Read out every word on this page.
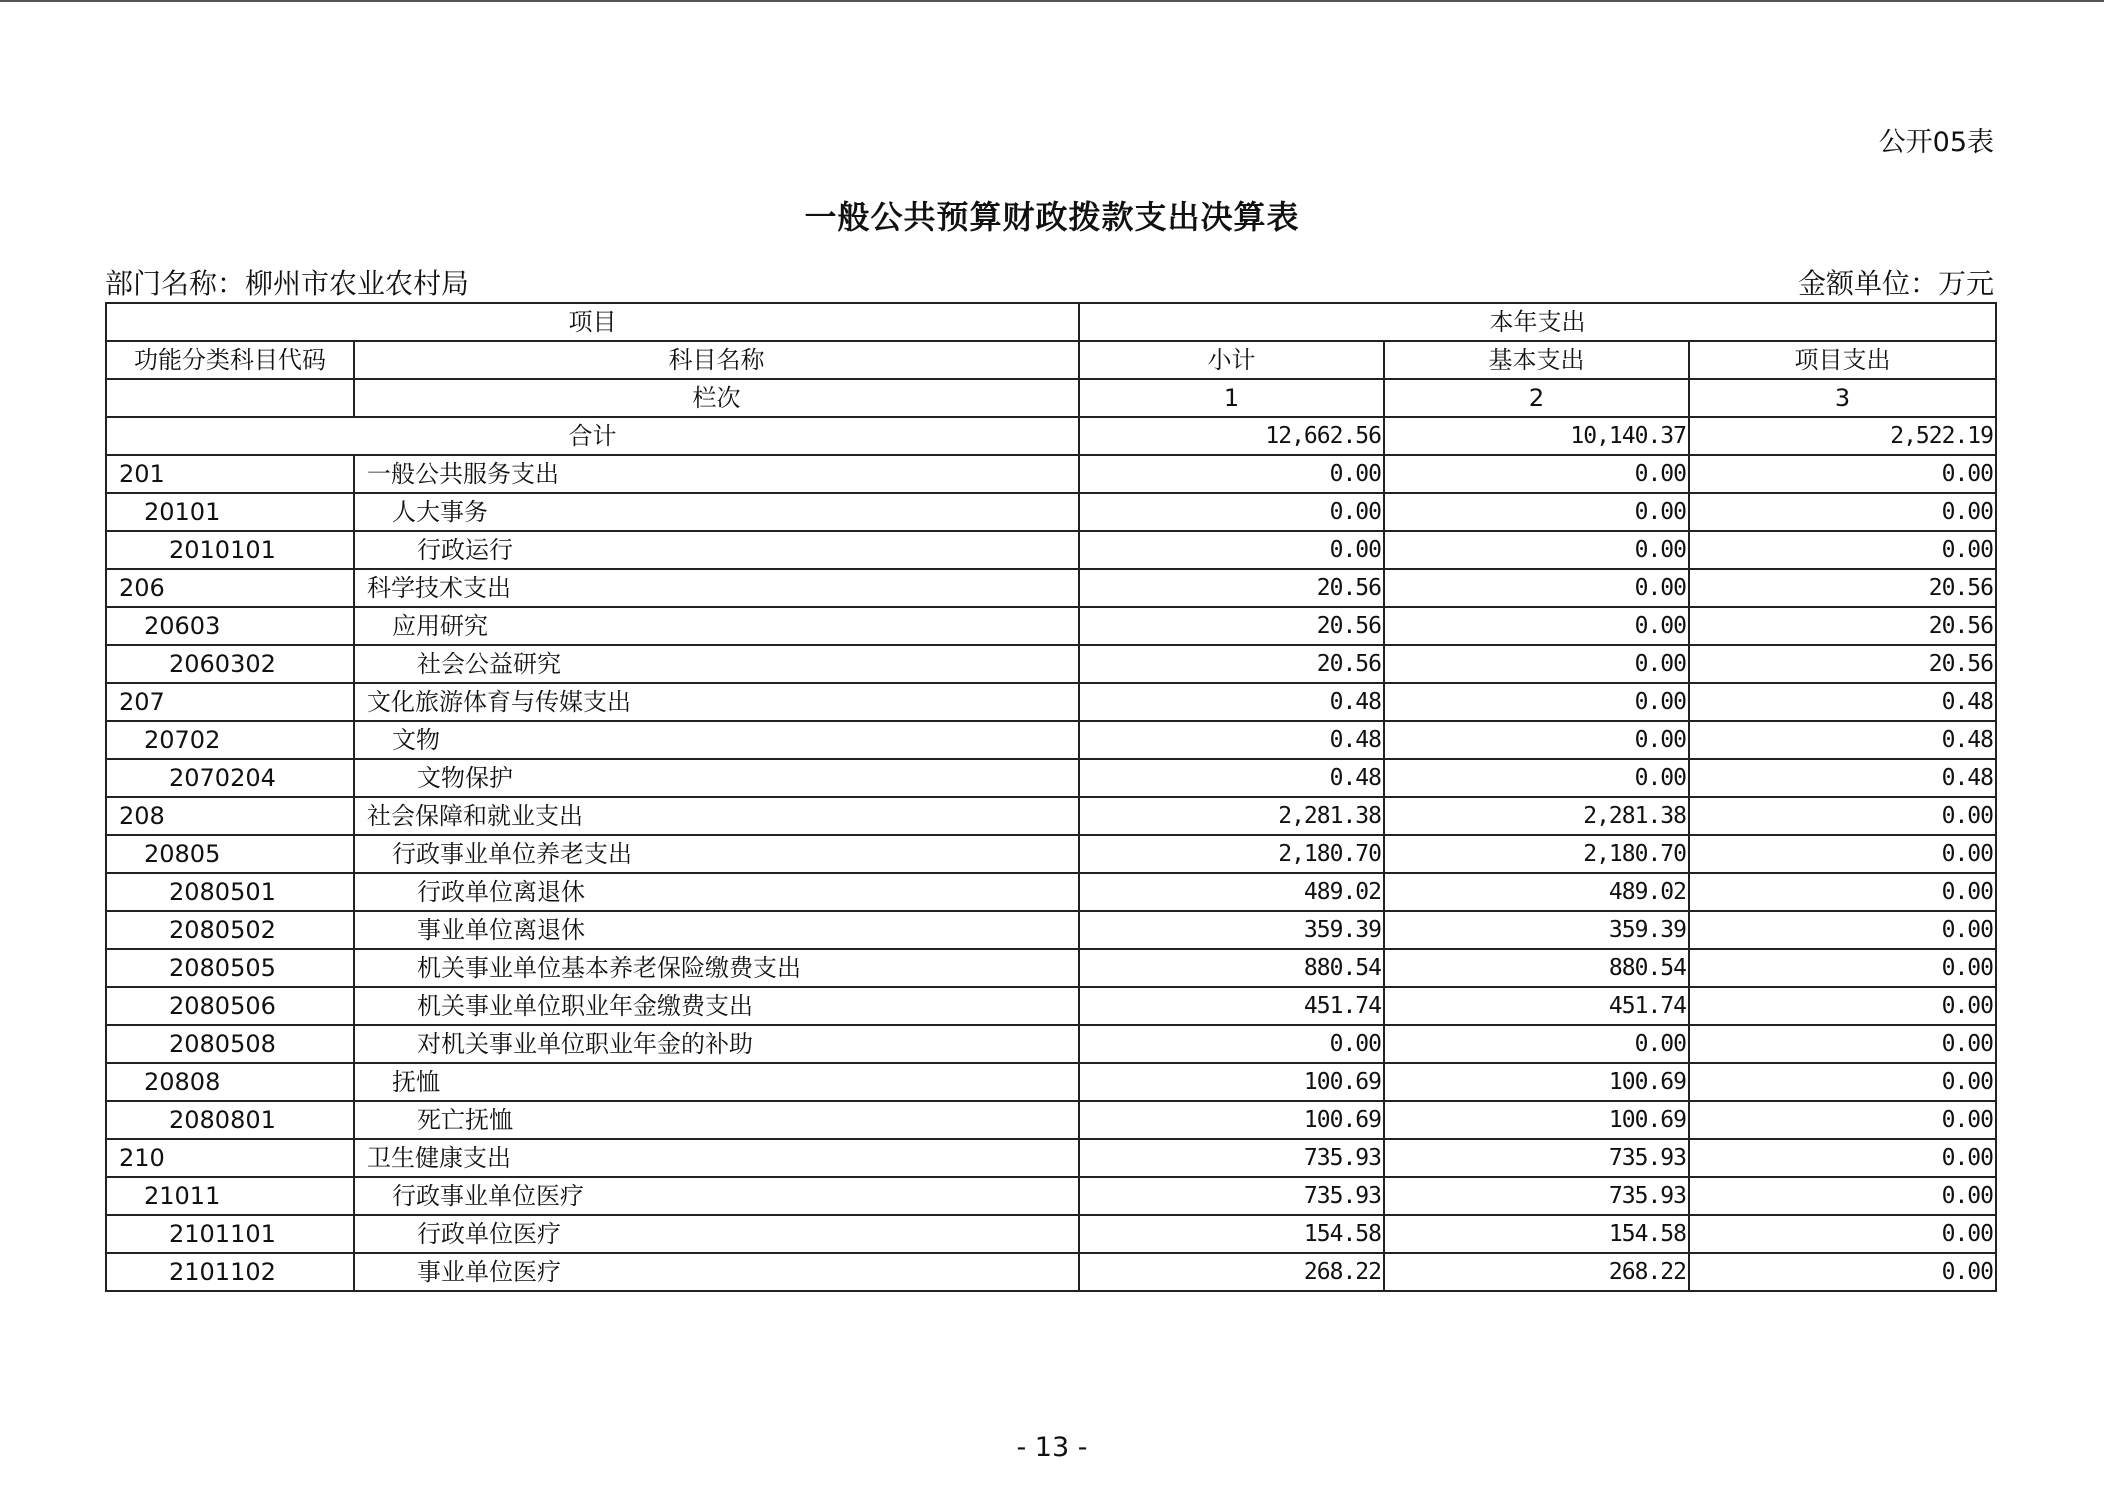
公开05表
一般公共预算财政拨款支出决算表
部门名称：柳州市农业农村局	金额单位：万元
项目		本年支出		
功能分类科目代码	科目名称	小计	基本支出	项目支出
	栏次	1	2	3
合计		12,662.56	10,140.37	2,522.19
201	一般公共服务支出	0.00	0.00	0.00
20101	人大事务	0.00	0.00	0.00
2010101	行政运行	0.00	0.00	0.00
206	科学技术支出	20.56	0.00	20.56
20603	应用研究	20.56	0.00	20.56
2060302	社会公益研究	20.56	0.00	20.56
207	文化旅游体育与传媒支出	0.48	0.00	0.48
20702	文物	0.48	0.00	0.48
2070204	文物保护	0.48	0.00	0.48
208	社会保障和就业支出	2,281.38	2,281.38	0.00
20805	行政事业单位养老支出	2,180.70	2,180.70	0.00
2080501	行政单位离退休	489.02	489.02	0.00
2080502	事业单位离退休	359.39	359.39	0.00
2080505	机关事业单位基本养老保险缴费支出	880.54	880.54	0.00
2080506	机关事业单位职业年金缴费支出	451.74	451.74	0.00
2080508	对机关事业单位职业年金的补助	0.00	0.00	0.00
20808	抚恤	100.69	100.69	0.00
2080801	死亡抚恤	100.69	100.69	0.00
210	卫生健康支出	735.93	735.93	0.00
21011	行政事业单位医疗	735.93	735.93	0.00
2101101	行政单位医疗	154.58	154.58	0.00
2101102	事业单位医疗	268.22	268.22	0.00
- 13 -
